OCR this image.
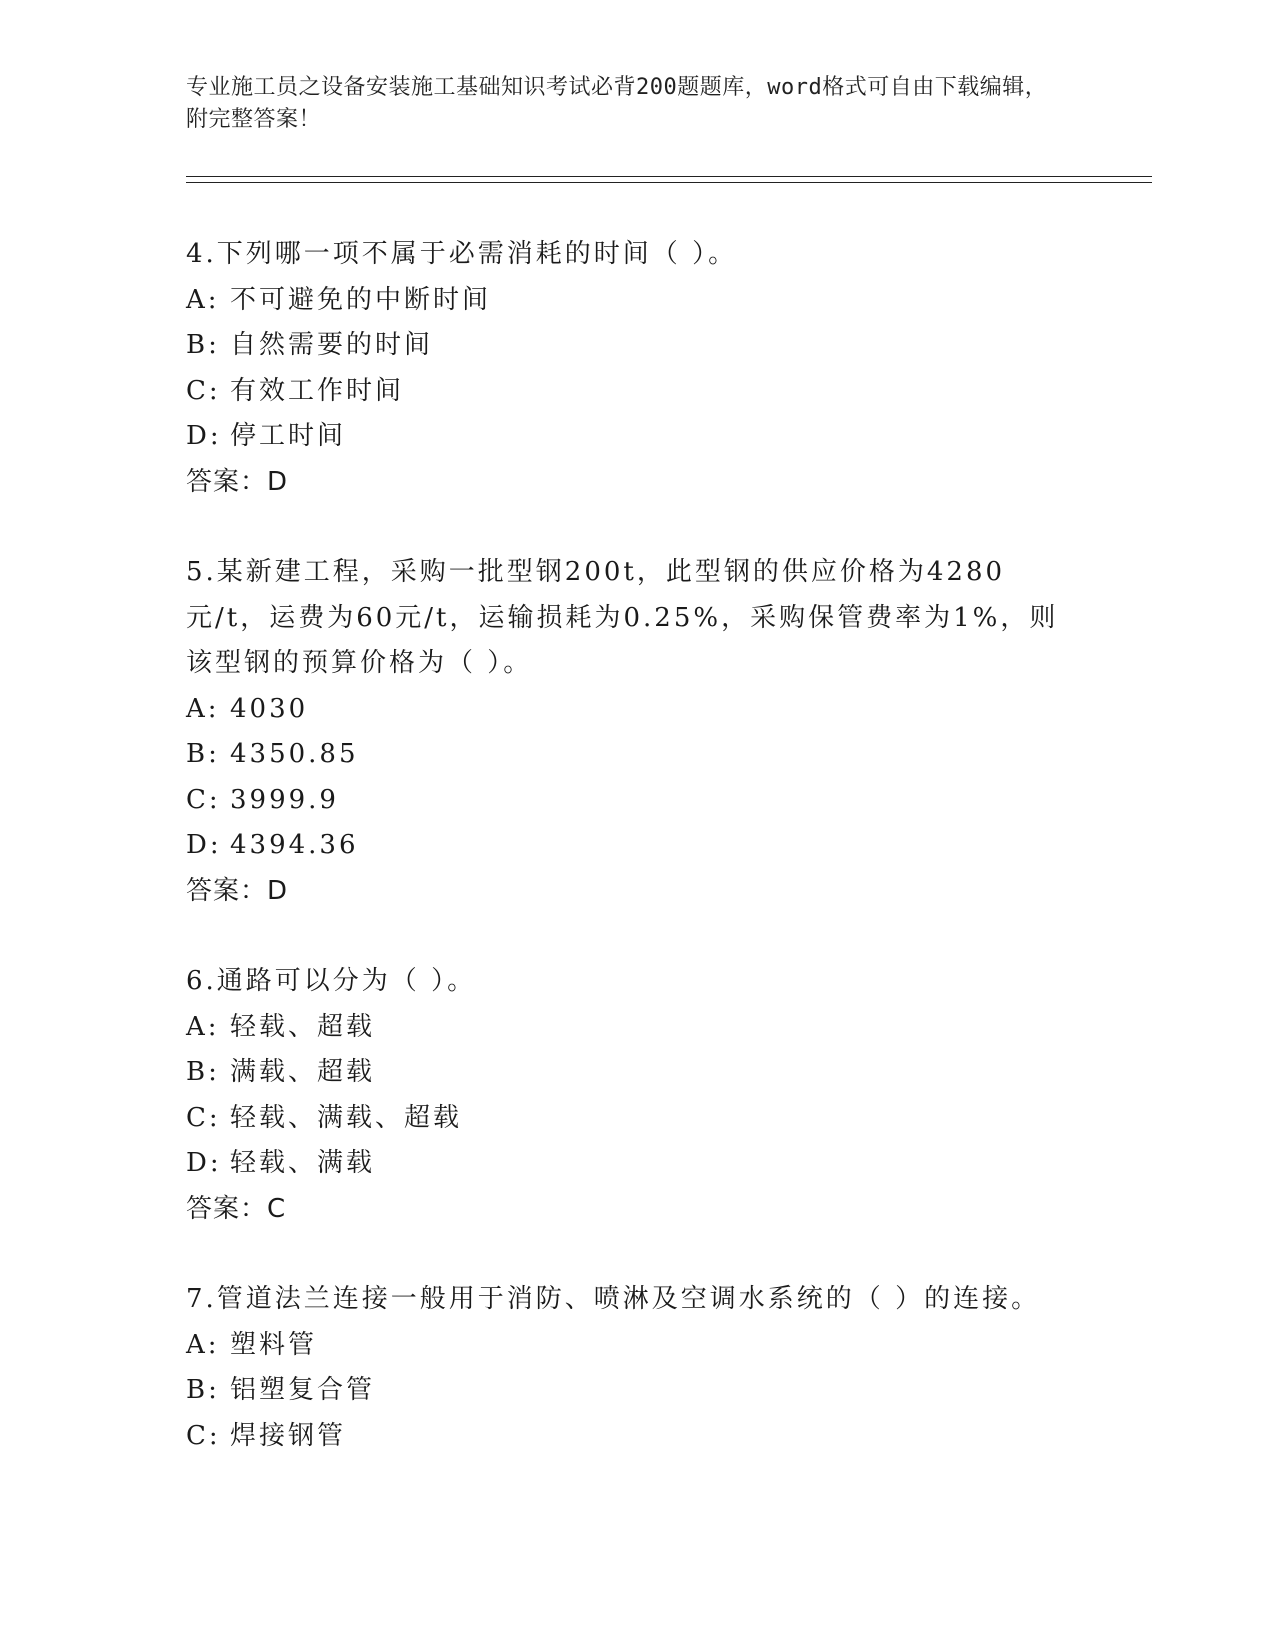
专业施工员之设备安装施工基础知识考试必背200题题库，word格式可自由下载编辑，附完整答案！
4.下列哪一项不属于必需消耗的时间（ ）。
A: 不可避免的中断时间
B: 自然需要的时间
C: 有效工作时间
D: 停工时间
答案：D
5.某新建工程，采购一批型钢200t，此型钢的供应价格为4280元/t，运费为60元/t，运输损耗为0.25%，采购保管费率为1%，则该型钢的预算价格为（ ）。
A: 4030
B: 4350.85
C: 3999.9
D: 4394.36
答案：D
6.通路可以分为（ ）。
A: 轻载、超载
B: 满载、超载
C: 轻载、满载、超载
D: 轻载、满载
答案：C
7.管道法兰连接一般用于消防、喷淋及空调水系统的（ ）的连接。
A: 塑料管
B: 铝塑复合管
C: 焊接钢管
